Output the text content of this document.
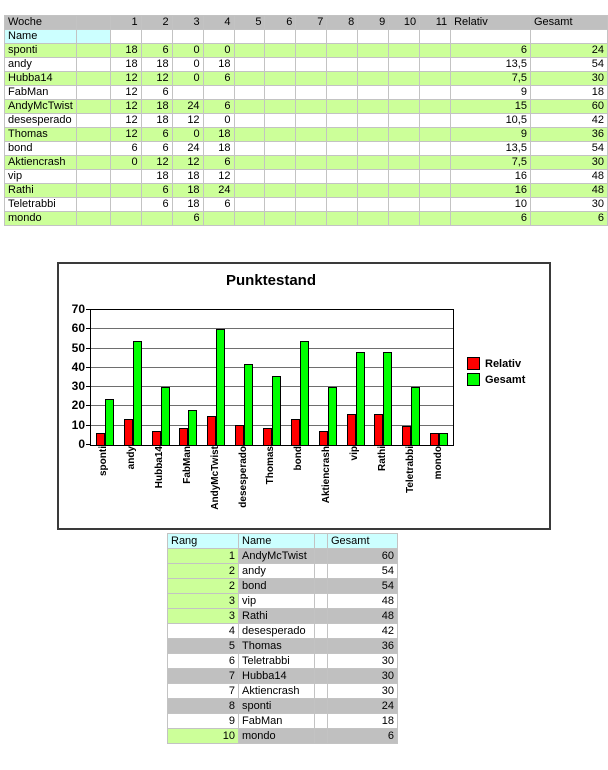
Woche		1	2	3	4	5	6	7	8	9	10	11	Relativ	Gesamt
Name														
sponti		18	6	0	0								6	24
andy		18	18	0	18								13,5	54
Hubba14		12	12	0	6								7,5	30
FabMan		12	6										9	18
AndyMcTwist		12	18	24	6								15	60
desesperado		12	18	12	0								10,5	42
Thomas		12	6	0	18								9	36
bond		6	6	24	18								13,5	54
Aktiencrash		0	12	12	6								7,5	30
vip			18	18	12								16	48
Rathi			6	18	24								16	48
Teletrabbi			6	18	6								10	30
mondo				6									6	6
Punktestand
sponti andy Hubba14 FabMan AndyMcTwist desesperado Thomas bond Aktiencrash vip Rathi Teletrabbi mondo
Relativ
Gesamt
0
10
20
30
40
50
60
70
Rang	Name		Gesamt
1	AndyMcTwist		60
2	andy		54
2	bond		54
3	vip		48
3	Rathi		48
4	desesperado		42
5	Thomas		36
6	Teletrabbi		30
7	Hubba14		30
7	Aktiencrash		30
8	sponti		24
9	FabMan		18
10	mondo		6
